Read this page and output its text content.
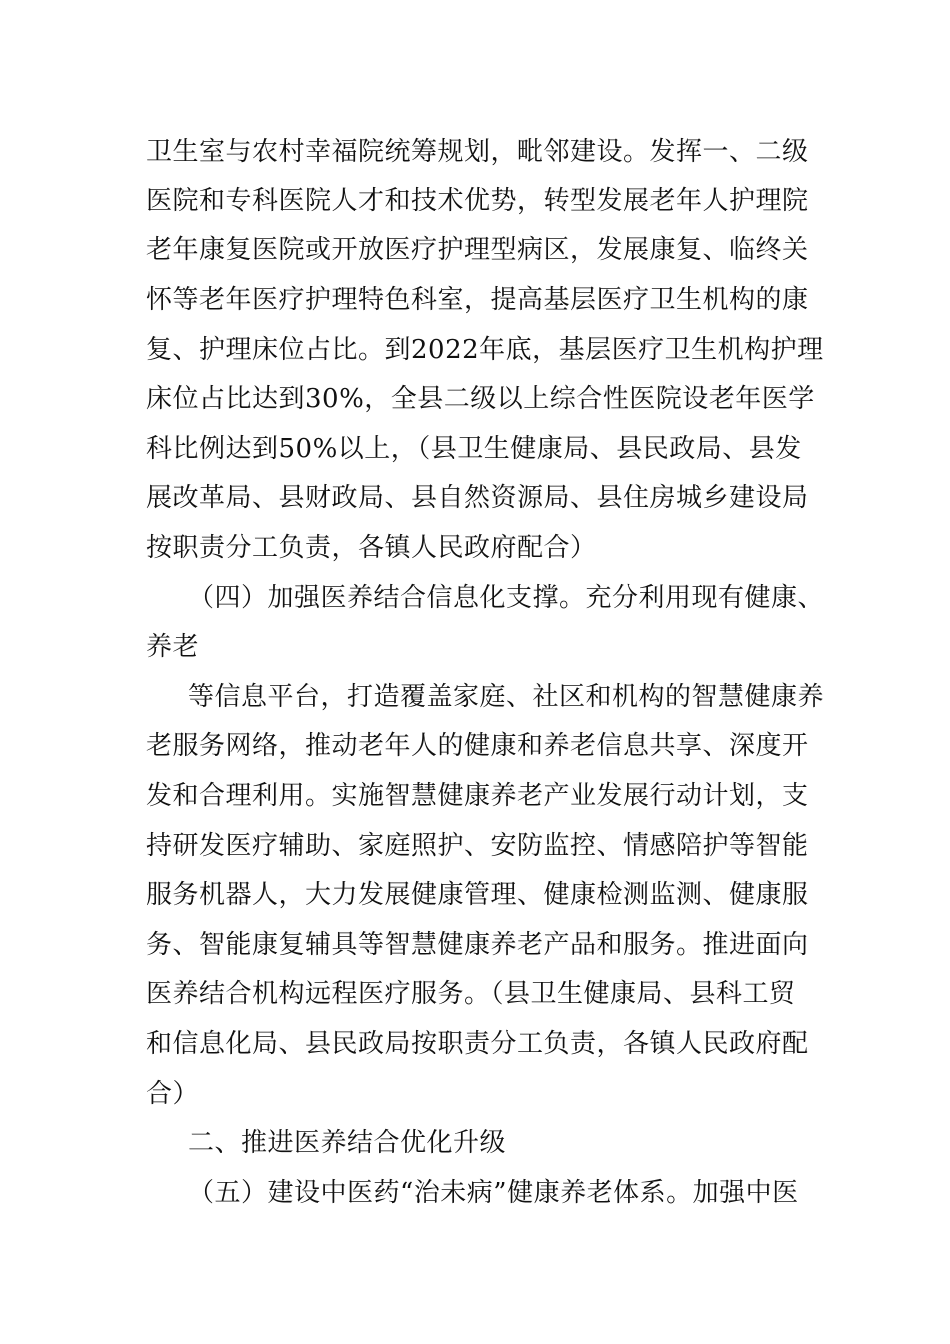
卫生室与农村幸福院统筹规划，毗邻建设。发挥一、二级
医院和专科医院人才和技术优势，转型发展老年人护理院
老年康复医院或开放医疗护理型病区，发展康复、临终关
怀等老年医疗护理特色科室，提高基层医疗卫生机构的康
复、护理床位占比。到2022年底，基层医疗卫生机构护理
床位占比达到30%，全县二级以上综合性医院设老年医学
科比例达到50%以上，（县卫生健康局、县民政局、县发
展改革局、县财政局、县自然资源局、县住房城乡建设局
按职责分工负责，各镇人民政府配合）
（四）加强医养结合信息化支撑。充分利用现有健康、
养老
等信息平台，打造覆盖家庭、社区和机构的智慧健康养
老服务网络，推动老年人的健康和养老信息共享、深度开
发和合理利用。实施智慧健康养老产业发展行动计划，支
持研发医疗辅助、家庭照护、安防监控、情感陪护等智能
服务机器人，大力发展健康管理、健康检测监测、健康服
务、智能康复辅具等智慧健康养老产品和服务。推进面向
医养结合机构远程医疗服务。（县卫生健康局、县科工贸
和信息化局、县民政局按职责分工负责，各镇人民政府配
合）
二、推进医养结合优化升级
（五）建设中医药“治未病”健康养老体系。加强中医
